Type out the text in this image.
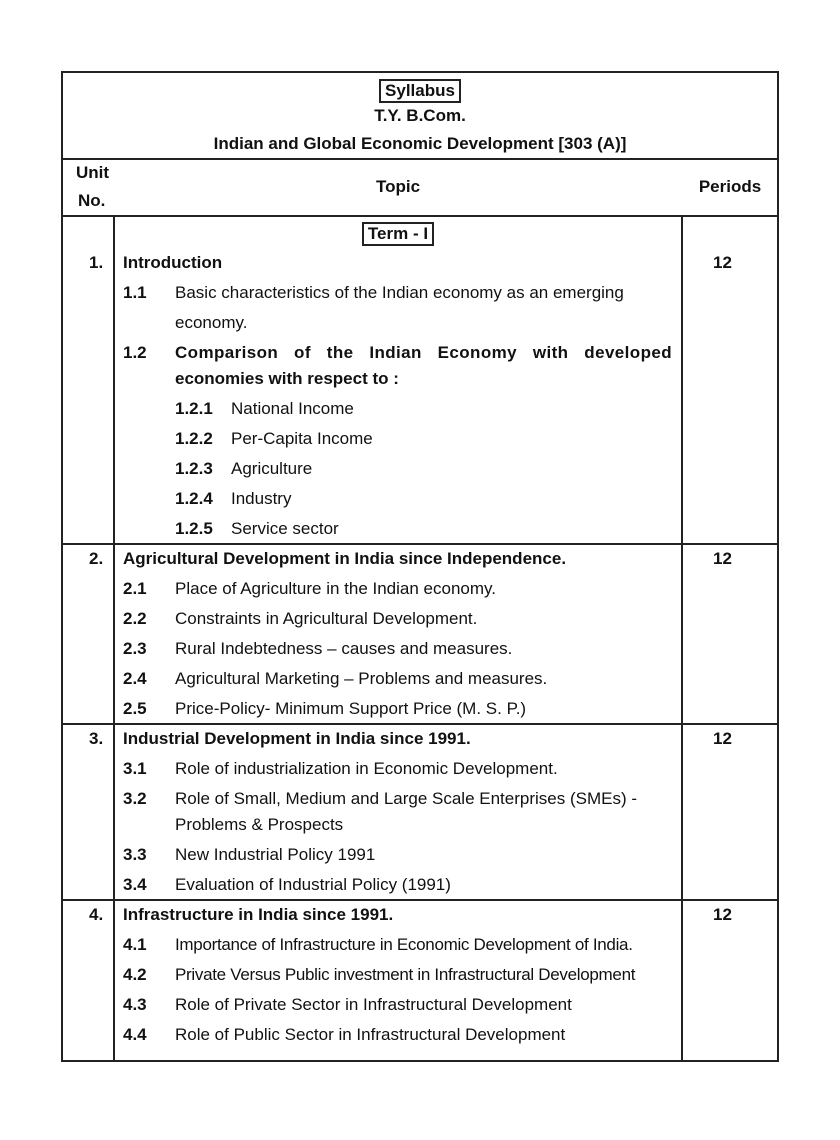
Syllabus
T.Y. B.Com.
Indian and Global Economic Development [303 (A)]
Unit
No.
Topic	Periods
Term - I
1. Introduction	12
1.1 Basic characteristics of the Indian economy as an emerging
economy.
1.2 Comparison of the Indian Economy with developed
economies with respect to :
1.2.1 National Income
1.2.2 Per-Capita Income
1.2.3 Agriculture
1.2.4 Industry
1.2.5 Service sector
2. Agricultural Development in India since Independence.	12
2.1 Place of Agriculture in the Indian economy.
2.2 Constraints in Agricultural Development.
2.3 Rural Indebtedness – causes and measures.
2.4 Agricultural Marketing – Problems and measures.
2.5 Price-Policy- Minimum Support Price (M. S. P.)
3. Industrial Development in India since 1991.	12
3.1 Role of industrialization in Economic Development.
3.2 Role of Small, Medium and Large Scale Enterprises (SMEs) -
Problems & Prospects
3.3 New Industrial Policy 1991
3.4 Evaluation of Industrial Policy (1991)
4. Infrastructure in India since 1991.	12
4.1 Importance of Infrastructure in Economic Development of India.
4.2 Private Versus Public investment in Infrastructural Development
4.3 Role of Private Sector in Infrastructural Development
4.4 Role of Public Sector in Infrastructural Development
